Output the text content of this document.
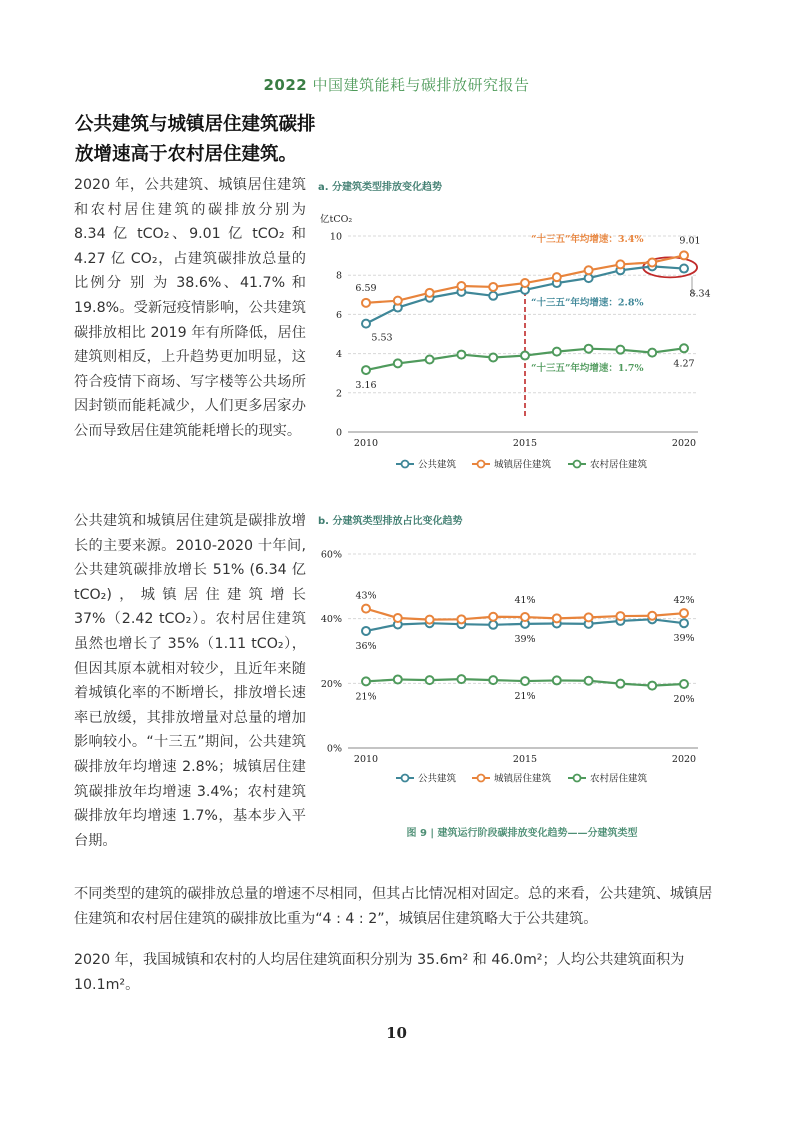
2022 中国建筑能耗与碳排放研究报告
公共建筑与城镇居住建筑碳排放增速高于农村居住建筑。
2020 年，公共建筑、城镇居住建筑和农村居住建筑的碳排放分别为 8.34 亿 tCO₂、9.01 亿 tCO₂ 和 4.27 亿 CO₂，占建筑碳排放总量的比例分 别 为 38.6%、41.7% 和 19.8%。受新冠疫情影响，公共建筑碳排放相比 2019 年有所降低，居住建筑则相反，上升趋势更加明显，这符合疫情下商场、写字楼等公共场所因封锁而能耗减少，人们更多居家办公而导致居住建筑能耗增长的现实。
公共建筑和城镇居住建筑是碳排放增长的主要来源。2010-2020 十年间, 公共建筑碳排放增长 51% (6.34 亿 tCO₂)，城镇居住建筑增长 37%（2.42 tCO₂）。农村居住建筑虽然也增长了 35%（1.11 tCO₂），但因其原本就相对较少，且近年来随着城镇化率的不断增长，排放增长速率已放缓，其排放增量对总量的增加影响较小。“十三五”期间，公共建筑碳排放年均增速 2.8%；城镇居住建筑碳排放年均增速 3.4%；农村建筑碳排放年均增速 1.7%，基本步入平台期。
不同类型的建筑的碳排放总量的增速不尽相同，但其占比情况相对固定。总的来看，公共建筑、城镇居住建筑和农村居住建筑的碳排放比重为“4 : 4 : 2”，城镇居住建筑略大于公共建筑。
2020 年，我国城镇和农村的人均居住建筑面积分别为 35.6m² 和 46.0m²；人均公共建筑面积为 10.1m²。
a. 分建筑类型排放变化趋势
b. 分建筑类型排放占比变化趋势
0
2
4
6
8
10
2010	2015	2020
亿tCO₂
“十三五”年均增速：3.4%
“十三五”年均增速：2.8%
“十三五”年均增速：1.7%
6.59
5.53
3.16
9.01
8.34
4.27
公共建筑	城镇居住建筑	农村居住建筑
0%
20%
40%
60%
2010	2015	2020
43%
36%
21%
41%
39%
21%
42%
39%
20%
公共建筑	城镇居住建筑	农村居住建筑
图 9 | 建筑运行阶段碳排放变化趋势——分建筑类型
10
